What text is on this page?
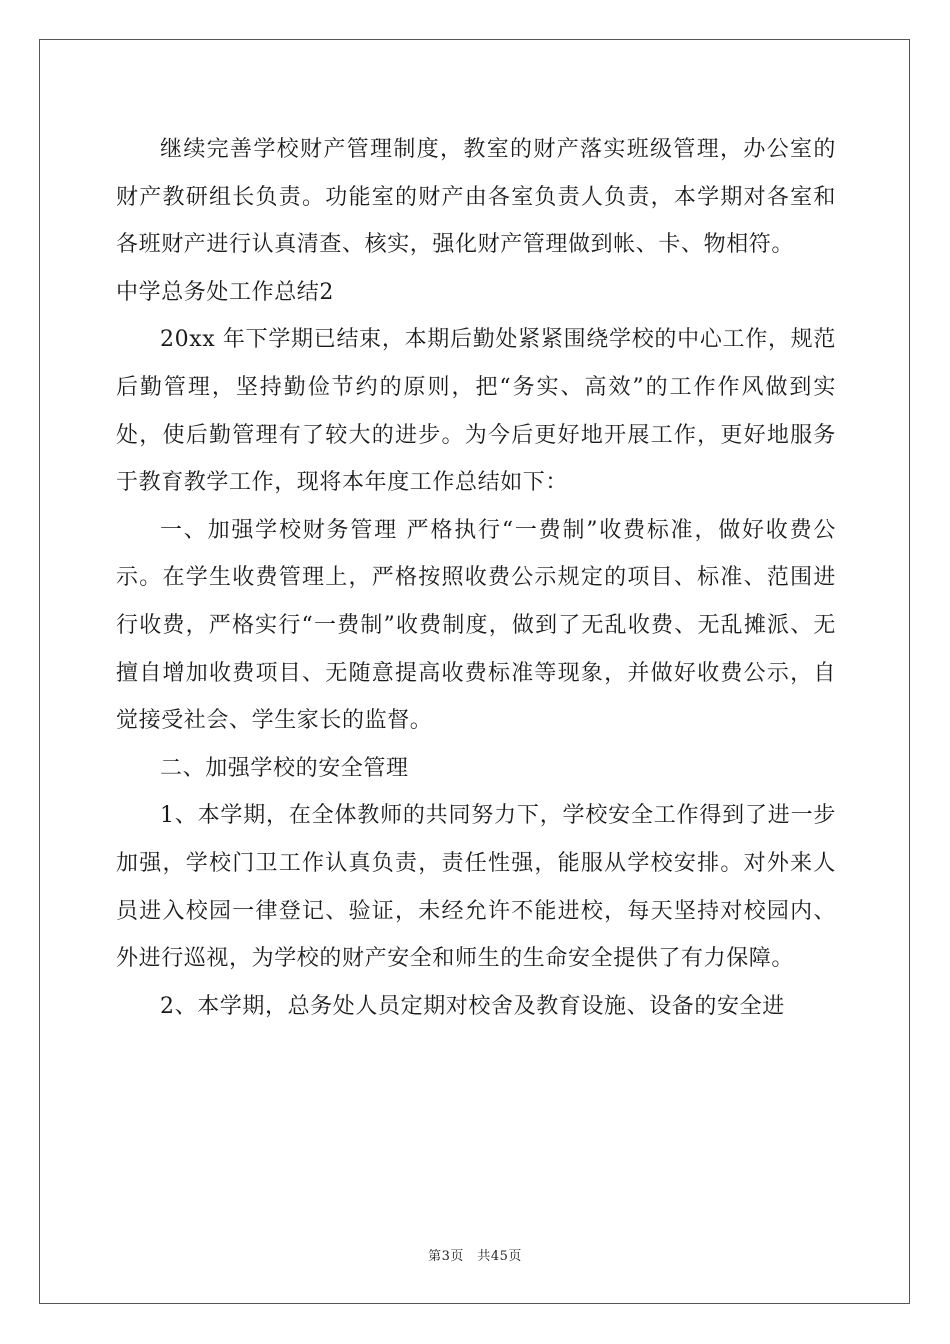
继续完善学校财产管理制度，教室的财产落实班级管理，办公室的财产教研组长负责。功能室的财产由各室负责人负责，本学期对各室和各班财产进行认真清查、核实，强化财产管理做到帐、卡、物相符。

中学总务处工作总结2

20xx 年下学期已结束，本期后勤处紧紧围绕学校的中心工作，规范后勤管理，坚持勤俭节约的原则，把“务实、高效”的工作作风做到实处，使后勤管理有了较大的进步。为今后更好地开展工作，更好地服务于教育教学工作，现将本年度工作总结如下：

一、加强学校财务管理 严格执行“一费制”收费标准，做好收费公示。在学生收费管理上，严格按照收费公示规定的项目、标准、范围进行收费，严格实行“一费制”收费制度，做到了无乱收费、无乱摊派、无擅自增加收费项目、无随意提高收费标准等现象，并做好收费公示，自觉接受社会、学生家长的监督。

二、加强学校的安全管理

1、本学期，在全体教师的共同努力下，学校安全工作得到了进一步加强，学校门卫工作认真负责，责任性强，能服从学校安排。对外来人员进入校园一律登记、验证，未经允许不能进校，每天坚持对校园内、外进行巡视，为学校的财产安全和师生的生命安全提供了有力保障。

2、本学期，总务处人员定期对校舍及教育设施、设备的安全进

第3页　共45页
